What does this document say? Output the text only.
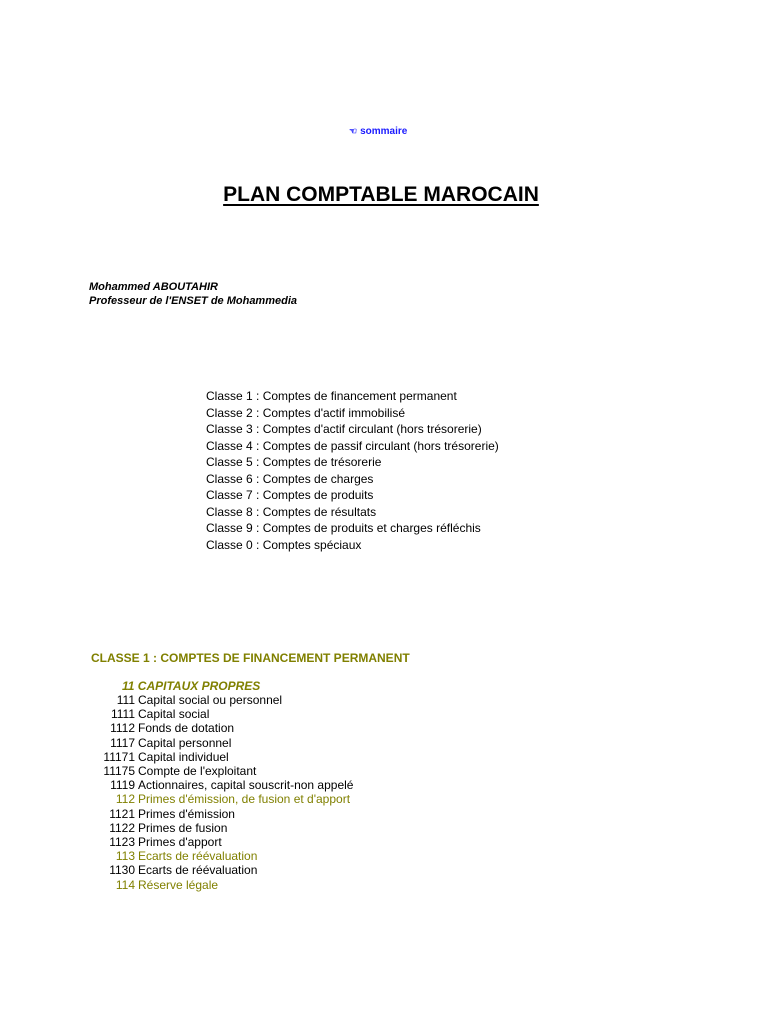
☜ sommaire
PLAN COMPTABLE MAROCAIN
Mohammed ABOUTAHIR
Professeur de l'ENSET de Mohammedia
Classe 1 : Comptes de financement permanent
Classe 2 : Comptes d'actif immobilisé
Classe 3 : Comptes d'actif circulant (hors trésorerie)
Classe 4 : Comptes de passif circulant (hors trésorerie)
Classe 5 : Comptes de trésorerie
Classe 6 : Comptes de charges
Classe 7 : Comptes de produits
Classe 8 : Comptes de résultats
Classe 9 : Comptes de produits et charges réfléchis
Classe 0 : Comptes spéciaux
CLASSE 1 : COMPTES DE FINANCEMENT PERMANENT
11 CAPITAUX PROPRES
111 Capital social ou personnel
1111 Capital social
1112 Fonds de dotation
1117 Capital personnel
11171 Capital individuel
11175 Compte de l'exploitant
1119 Actionnaires, capital souscrit-non appelé
112 Primes d'émission, de fusion et d'apport
1121 Primes d'émission
1122 Primes de fusion
1123 Primes d'apport
113 Ecarts de réévaluation
1130 Ecarts de réévaluation
114 Réserve légale
